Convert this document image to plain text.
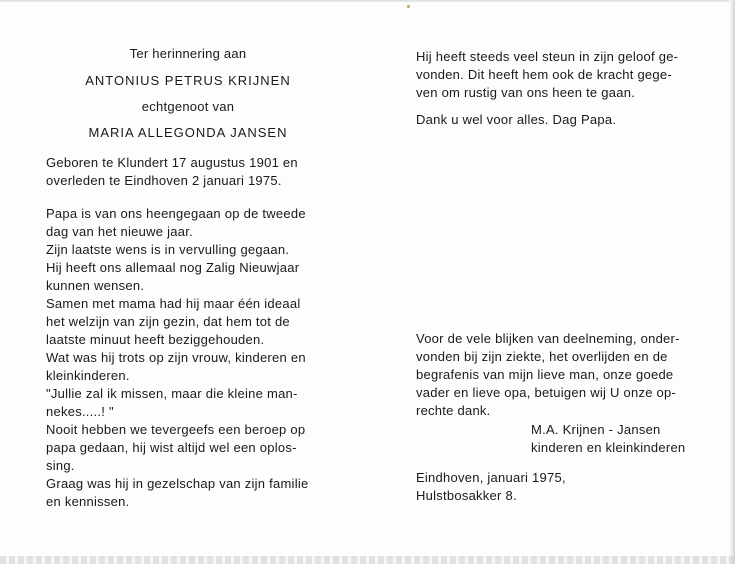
Ter herinnering aan

ANTONIUS PETRUS KRIJNEN

echtgenoot van

MARIA ALLEGONDA JANSEN

Geboren te Klundert 17 augustus 1901 en

overleden te Eindhoven 2 januari 1975.

Papa is van ons heengegaan op de tweede

dag van het nieuwe jaar.

Zijn laatste wens is in vervulling gegaan.

Hij heeft ons allemaal nog Zalig Nieuwjaar

kunnen wensen.

Samen met mama had hij maar één ideaal

het welzijn van zijn gezin, dat hem tot de

laatste minuut heeft beziggehouden.

Wat was hij trots op zijn vrouw, kinderen en

kleinkinderen.

"Jullie zal ik missen, maar die kleine man-

nekes.....! "

Nooit hebben we tevergeefs een beroep op

papa gedaan, hij wist altijd wel een oplos-

sing.

Graag was hij in gezelschap van zijn familie

en kennissen.

Hij heeft steeds veel steun in zijn geloof ge-

vonden. Dit heeft hem ook de kracht gege-

ven om rustig van ons heen te gaan.

Dank u wel voor alles. Dag Papa.

Voor de vele blijken van deelneming, onder-

vonden bij zijn ziekte, het overlijden en de

begrafenis van mijn lieve man, onze goede

vader en lieve opa, betuigen wij U onze op-

rechte dank.

M.A. Krijnen - Jansen

kinderen en kleinkinderen

Eindhoven, januari 1975,

Hulstbosakker 8.
